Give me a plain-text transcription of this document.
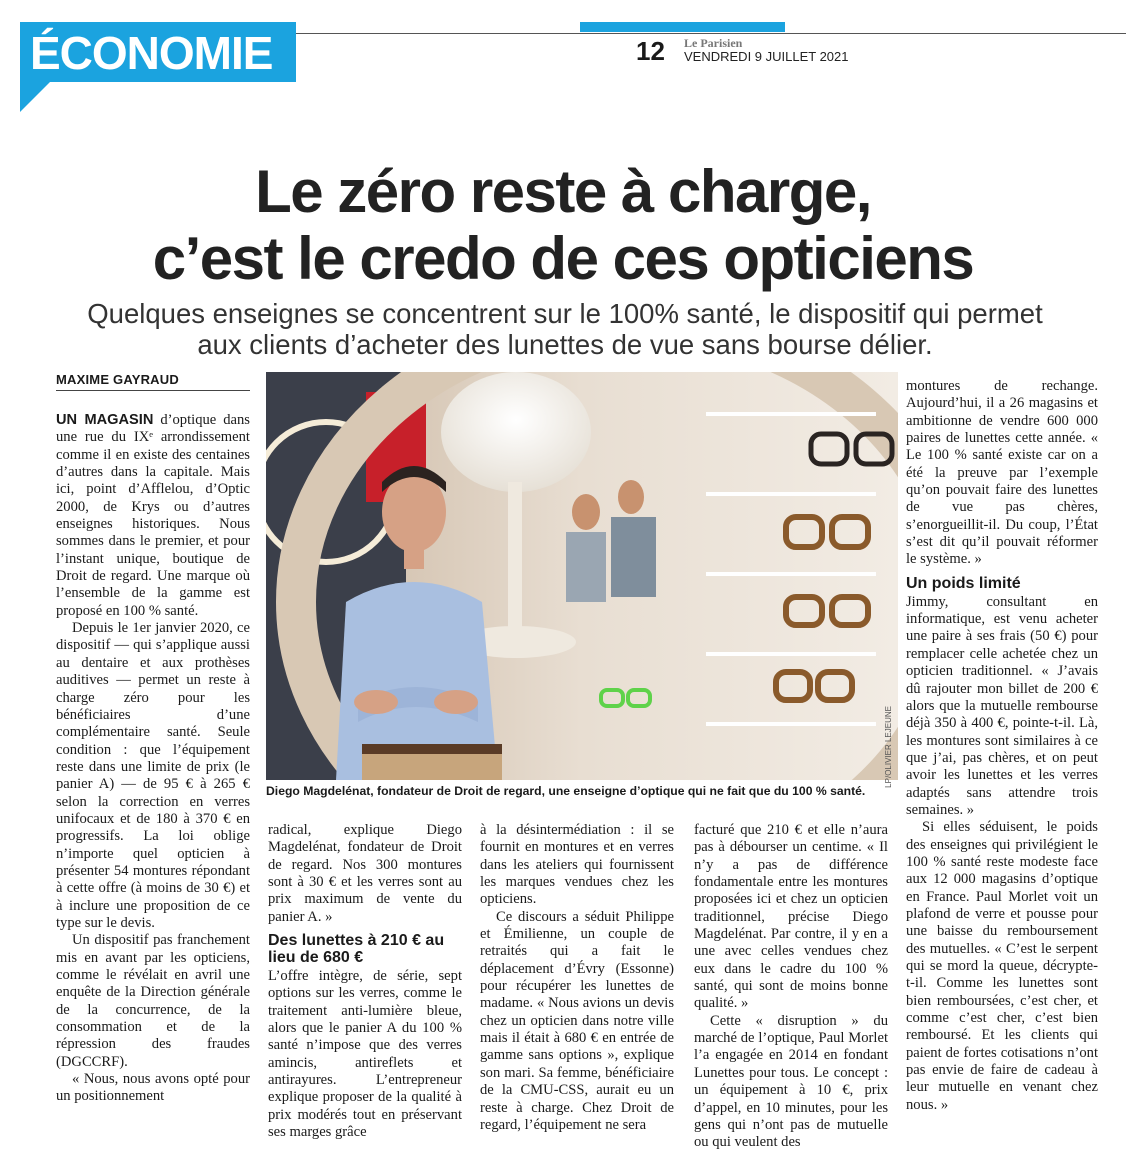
ÉCONOMIE	12 Le Parisien
VENDREDI 9 JUILLET 2021
Le zéro reste à charge,
c’est le credo de ces opticiens
Quelques enseignes se concentrent sur le 100% santé, le dispositif qui permet
aux clients d’acheter des lunettes de vue sans bourse délier.
MAXIME GAYRAUD
Diego Magdelénat, fondateur de Droit de regard, une enseigne d’optique qui ne fait que du 100 % santé.
LP/OLIVIER LEJEUNE

UN MAGASIN d’optique dans une rue du IXᵉ arrondissement comme il en existe des centaines d’autres dans la capitale. Mais ici, point d’Afflelou, d’Optic 2000, de Krys ou d’autres enseignes historiques. Nous sommes dans le premier, et pour l’instant unique, boutique de Droit de regard. Une marque où l’ensemble de la gamme est proposé en 100 % santé.

Depuis le 1er janvier 2020, ce dispositif — qui s’applique aussi au dentaire et aux prothèses auditives — permet un reste à charge zéro pour les bénéficiaires d’une complémentaire santé. Seule condition : que l’équipement reste dans une limite de prix (le panier A) — de 95 € à 265 € selon la correction en verres unifocaux et de 180 à 370 € en progressifs. La loi oblige n’importe quel opticien à présenter 54 montures répondant à cette offre (à moins de 30 €) et à inclure une proposition de ce type sur le devis.

Un dispositif pas franchement mis en avant par les opticiens, comme le révélait en avril une enquête de la Direction générale de la concurrence, de la consommation et de la répression des fraudes (DGCCRF).

« Nous, nous avons opté pour un positionnement

radical, explique Diego Magdelénat, fondateur de Droit de regard. Nos 300 montures sont à 30 € et les verres sont au prix maximum de vente du panier A. »

Des lunettes à 210 € au lieu de 680 €

L’offre intègre, de série, sept options sur les verres, comme le traitement anti-lumière bleue, alors que le panier A du 100 % santé n’impose que des verres amincis, antireflets et antirayures. L’entrepreneur explique proposer de la qualité à prix modérés tout en préservant ses marges grâce

à la désintermédiation : il se fournit en montures et en verres dans les ateliers qui fournissent les marques vendues chez les opticiens.

Ce discours a séduit Philippe et Émilienne, un couple de retraités qui a fait le déplacement d’Évry (Essonne) pour récupérer les lunettes de madame. « Nous avions un devis chez un opticien dans notre ville mais il était à 680 € en entrée de gamme sans options », explique son mari. Sa femme, bénéficiaire de la CMU-CSS, aurait eu un reste à charge. Chez Droit de regard, l’équipement ne sera

facturé que 210 € et elle n’aura pas à débourser un centime. « Il n’y a pas de différence fondamentale entre les montures proposées ici et chez un opticien traditionnel, précise Diego Magdelénat. Par contre, il y en a une avec celles vendues chez eux dans le cadre du 100 % santé, qui sont de moins bonne qualité. »

Cette « disruption » du marché de l’optique, Paul Morlet l’a engagée en 2014 en fondant Lunettes pour tous. Le concept : un équipement à 10 €, prix d’appel, en 10 minutes, pour les gens qui n’ont pas de mutuelle ou qui veulent des

montures de rechange. Aujourd’hui, il a 26 magasins et ambitionne de vendre 600 000 paires de lunettes cette année. « Le 100 % santé existe car on a été la preuve par l’exemple qu’on pouvait faire des lunettes de vue pas chères, s’enorgueillit-il. Du coup, l’État s’est dit qu’il pouvait réformer le système. »

Un poids limité

Jimmy, consultant en informatique, est venu acheter une paire à ses frais (50 €) pour remplacer celle achetée chez un opticien traditionnel. « J’avais dû rajouter mon billet de 200 € alors que la mutuelle rembourse déjà 350 à 400 €, pointe-t-il. Là, les montures sont similaires à ce que j’ai, pas chères, et on peut avoir les lunettes et les verres adaptés sans attendre trois semaines. »

Si elles séduisent, le poids des enseignes qui privilégient le 100 % santé reste modeste face aux 12 000 magasins d’optique en France. Paul Morlet voit un plafond de verre et pousse pour une baisse du remboursement des mutuelles. « C’est le serpent qui se mord la queue, décrypte-t-il. Comme les lunettes sont bien remboursées, c’est cher, et comme c’est cher, c’est bien remboursé. Et les clients qui paient de fortes cotisations n’ont pas envie de faire de cadeau à leur mutuelle en venant chez nous. »
